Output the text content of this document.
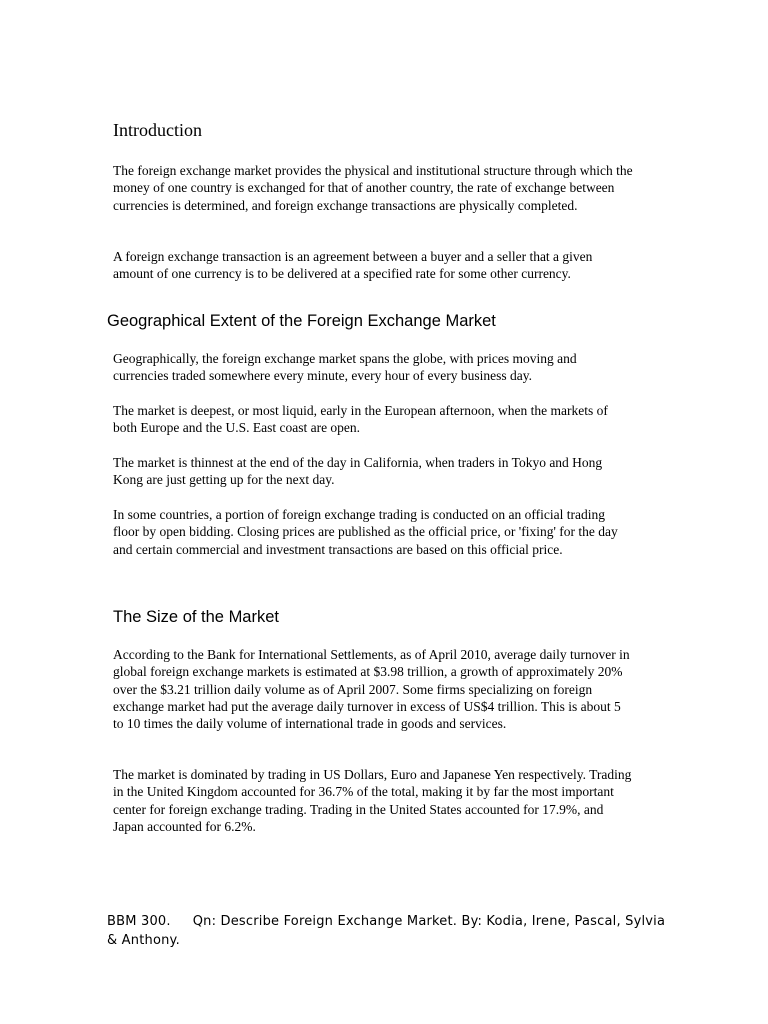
Introduction

The foreign exchange market provides the physical and institutional structure through which the money of one country is exchanged for that of another country, the rate of exchange between currencies is determined, and foreign exchange transactions are physically completed.

A foreign exchange transaction is an agreement between a buyer and a seller that a given amount of one currency is to be delivered at a specified rate for some other currency.

Geographical Extent of the Foreign Exchange Market

Geographically, the foreign exchange market spans the globe, with prices moving and currencies traded somewhere every minute, every hour of every business day.

The market is deepest, or most liquid, early in the European afternoon, when the markets of both Europe and the U.S. East coast are open.

The market is thinnest at the end of the day in California, when traders in Tokyo and Hong Kong are just getting up for the next day.

In some countries, a portion of foreign exchange trading is conducted on an official trading floor by open bidding. Closing prices are published as the official price, or 'fixing' for the day and certain commercial and investment transactions are based on this official price.

The Size of the Market

According to the Bank for International Settlements, as of April 2010, average daily turnover in global foreign exchange markets is estimated at $3.98 trillion, a growth of approximately 20% over the $3.21 trillion daily volume as of April 2007. Some firms specializing on foreign exchange market had put the average daily turnover in excess of US$4 trillion. This is about 5 to 10 times the daily volume of international trade in goods and services.

The market is dominated by trading in US Dollars, Euro and Japanese Yen respectively. Trading in the United Kingdom accounted for 36.7% of the total, making it by far the most important center for foreign exchange trading. Trading in the United States accounted for 17.9%, and Japan accounted for 6.2%.

BBM 300. Qn: Describe Foreign Exchange Market. By: Kodia, Irene, Pascal, Sylvia & Anthony.
